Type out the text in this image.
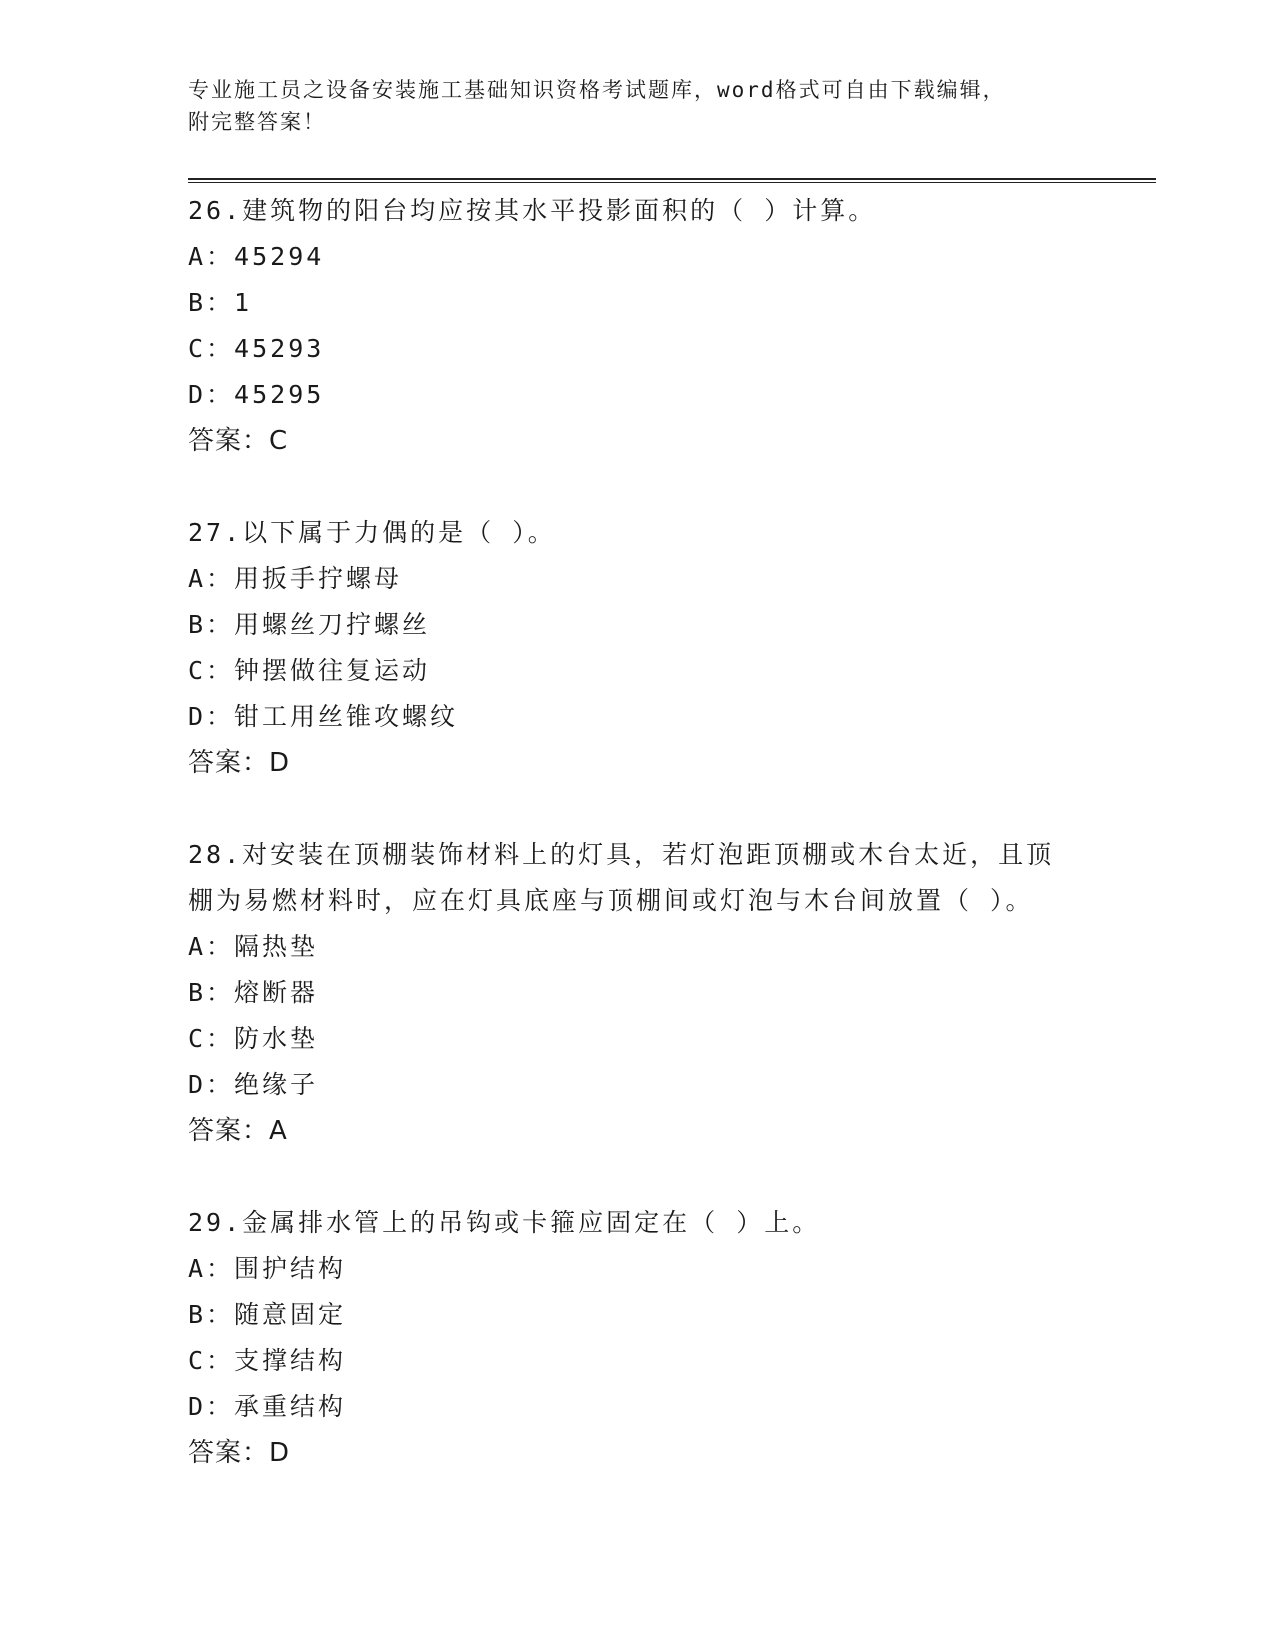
专业施工员之设备安装施工基础知识资格考试题库，word格式可自由下载编辑，
附完整答案！
26.建筑物的阳台均应按其水平投影面积的（ ）计算。
A：45294
B：1
C：45293
D：45295
答案：C
27.以下属于力偶的是（ ）。
A：用扳手拧螺母
B：用螺丝刀拧螺丝
C：钟摆做往复运动
D：钳工用丝锥攻螺纹
答案：D
28.对安装在顶棚装饰材料上的灯具，若灯泡距顶棚或木台太近，且顶
棚为易燃材料时，应在灯具底座与顶棚间或灯泡与木台间放置（ ）。
A：隔热垫
B：熔断器
C：防水垫
D：绝缘子
答案：A
29.金属排水管上的吊钩或卡箍应固定在（ ）上。
A：围护结构
B：随意固定
C：支撑结构
D：承重结构
答案：D
